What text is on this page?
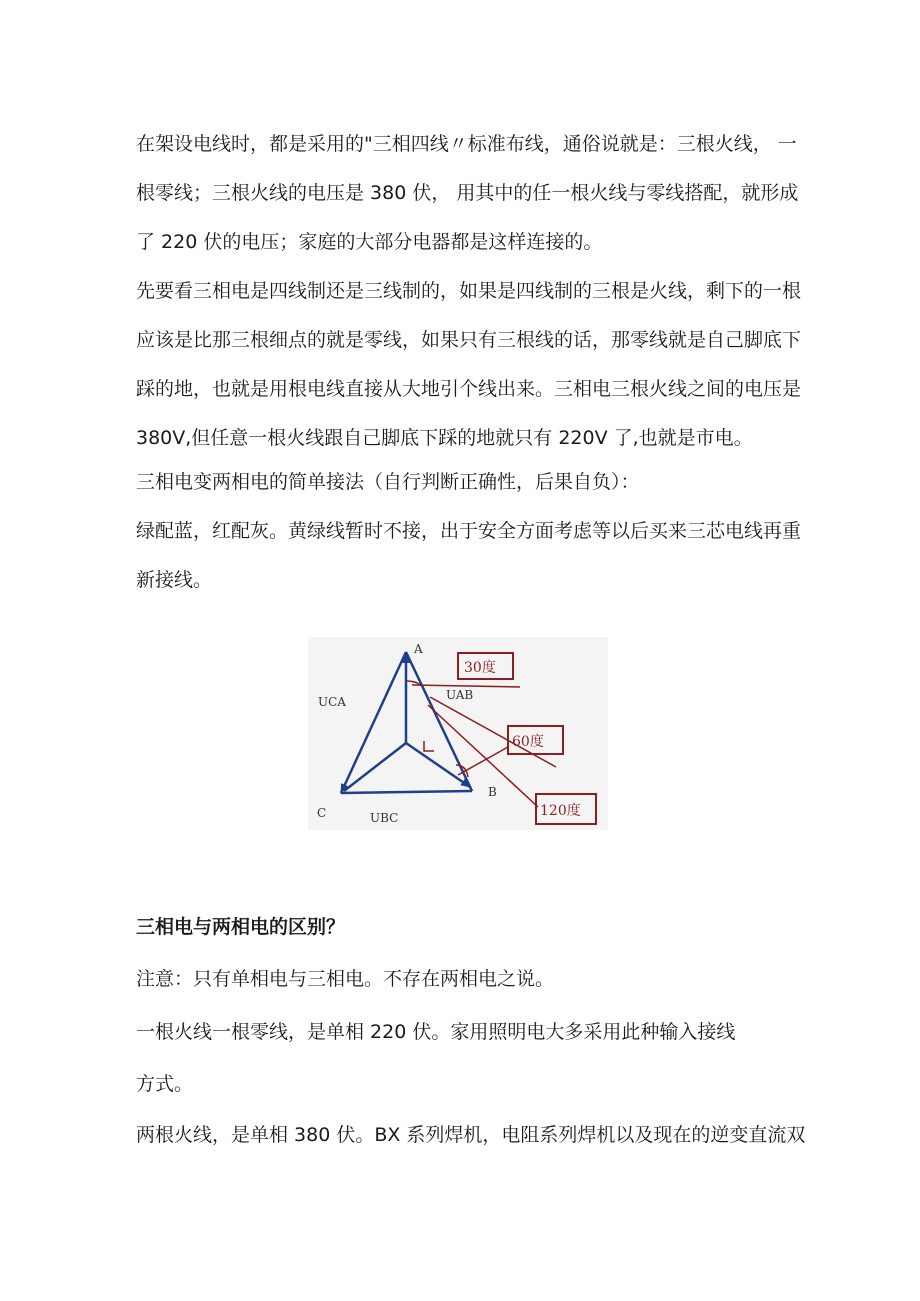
在架设电线时，都是采用的"三相四线〃标准布线，通俗说就是：三根火线， 一

根零线；三根火线的电压是 380 伏， 用其中的任一根火线与零线搭配，就形成

了 220 伏的电压；家庭的大部分电器都是这样连接的。

先要看三相电是四线制还是三线制的，如果是四线制的三根是火线，剩下的一根

应该是比那三根细点的就是零线，如果只有三根线的话，那零线就是自己脚底下

踩的地，也就是用根电线直接从大地引个线出来。三相电三根火线之间的电压是

380V,但任意一根火线跟自己脚底下踩的地就只有 220V 了,也就是市电。

三相电变两相电的简单接法（自行判断正确性，后果自负）：

绿配蓝，红配灰。黄绿线暂时不接，出于安全方面考虑等以后买来三芯电线再重

新接线。

A
B
C
UAB
UCA
UBC
30度
60度
120度

三相电与两相电的区别？

注意：只有单相电与三相电。不存在两相电之说。

一根火线一根零线，是单相 220 伏。家用照明电大多采用此种输入接线

方式。

两根火线，是单相 380 伏。BX 系列焊机，电阻系列焊机以及现在的逆变直流双
